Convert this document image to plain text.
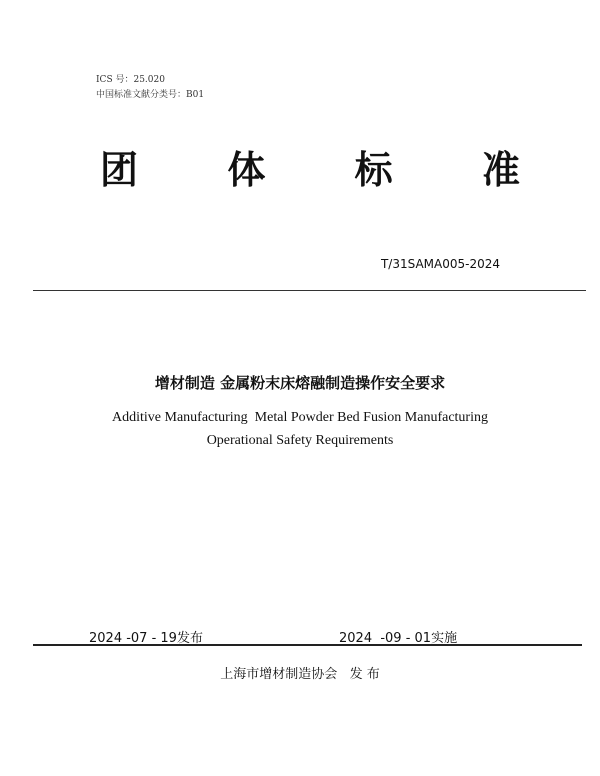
ICS 号：25.020
中国标准文献分类号：B01
团 体 标 准
T/31SAMA005-2024
增材制造 金属粉末床熔融制造操作安全要求
Additive Manufacturing  Metal Powder Bed Fusion Manufacturing
Operational Safety Requirements
2024 -07 - 19发布	2024  -09 - 01实施
上海市增材制造协会   发 布
